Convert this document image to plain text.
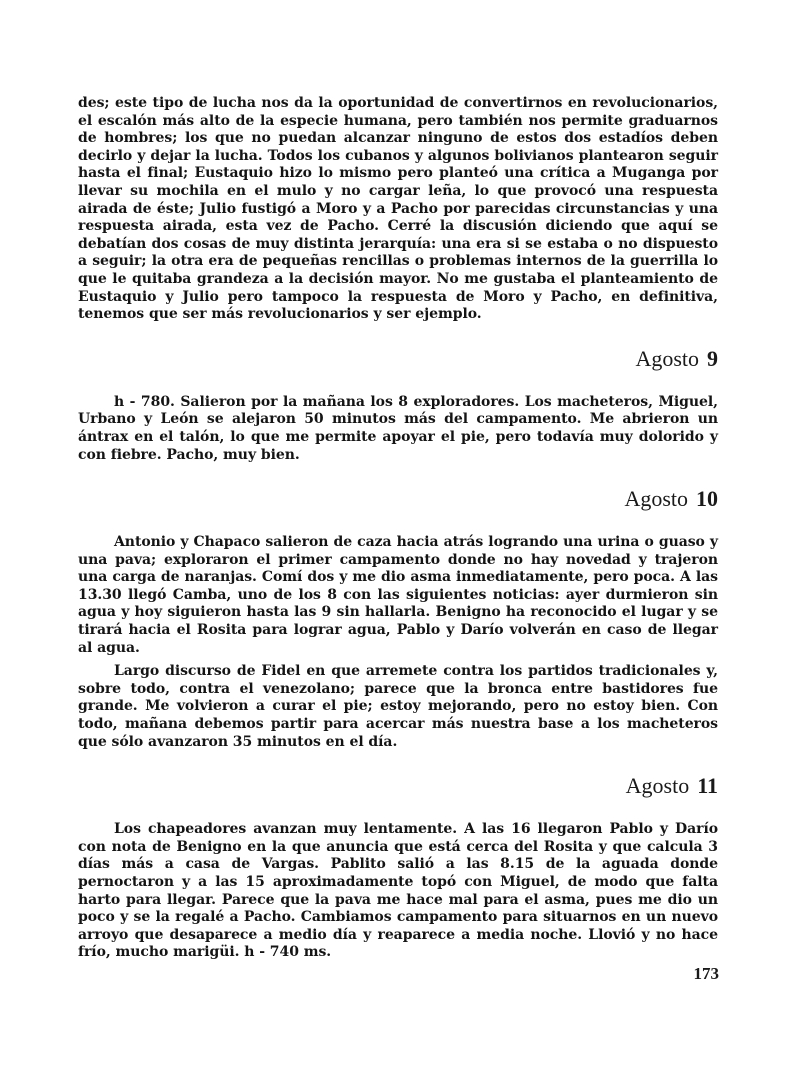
des; este tipo de lucha nos da la oportunidad de convertirnos en revolucionarios, el escalón más alto de la especie humana, pero también nos permite graduarnos de hombres; los que no puedan alcanzar ninguno de estos dos estadíos deben decirlo y dejar la lucha. Todos los cubanos y algunos bolivianos plantearon seguir hasta el final; Eustaquio hizo lo mismo pero planteó una crítica a Muganga por llevar su mochila en el mulo y no cargar leña, lo que provocó una respuesta airada de éste; Julio fustigó a Moro y a Pacho por parecidas circunstancias y una respuesta airada, esta vez de Pacho. Cerré la discusión diciendo que aquí se debatían dos cosas de muy distinta jerarquía: una era si se estaba o no dispuesto a seguir; la otra era de pequeñas rencillas o problemas internos de la guerrilla lo que le quitaba grandeza a la decisión mayor. No me gustaba el planteamiento de Eustaquio y Julio pero tampoco la respuesta de Moro y Pacho, en definitiva, tenemos que ser más revolucionarios y ser ejemplo.

Agosto 9

h - 780. Salieron por la mañana los 8 exploradores. Los macheteros, Miguel, Urbano y León se alejaron 50 minutos más del campamento. Me abrieron un ántrax en el talón, lo que me permite apoyar el pie, pero todavía muy dolorido y con fiebre. Pacho, muy bien.

Agosto 10

Antonio y Chapaco salieron de caza hacia atrás logrando una urina o guaso y una pava; exploraron el primer campamento donde no hay novedad y trajeron una carga de naranjas. Comí dos y me dio asma inmediatamente, pero poca. A las 13.30 llegó Camba, uno de los 8 con las siguientes noticias: ayer durmieron sin agua y hoy siguieron hasta las 9 sin hallarla. Benigno ha reconocido el lugar y se tirará hacia el Rosita para lograr agua, Pablo y Darío volverán en caso de llegar al agua.

Largo discurso de Fidel en que arremete contra los partidos tradicionales y, sobre todo, contra el venezolano; parece que la bronca entre bastidores fue grande. Me volvieron a curar el pie; estoy mejorando, pero no estoy bien. Con todo, mañana debemos partir para acercar más nuestra base a los macheteros que sólo avanzaron 35 minutos en el día.

Agosto 11

Los chapeadores avanzan muy lentamente. A las 16 llegaron Pablo y Darío con nota de Benigno en la que anuncia que está cerca del Rosita y que calcula 3 días más a casa de Vargas. Pablito salió a las 8.15 de la aguada donde pernoctaron y a las 15 aproximadamente topó con Miguel, de modo que falta harto para llegar. Parece que la pava me hace mal para el asma, pues me dio un poco y se la regalé a Pacho. Cambiamos campamento para situarnos en un nuevo arroyo que desaparece a medio día y reaparece a media noche. Llovió y no hace frío, mucho marigüi. h - 740 ms.

173
